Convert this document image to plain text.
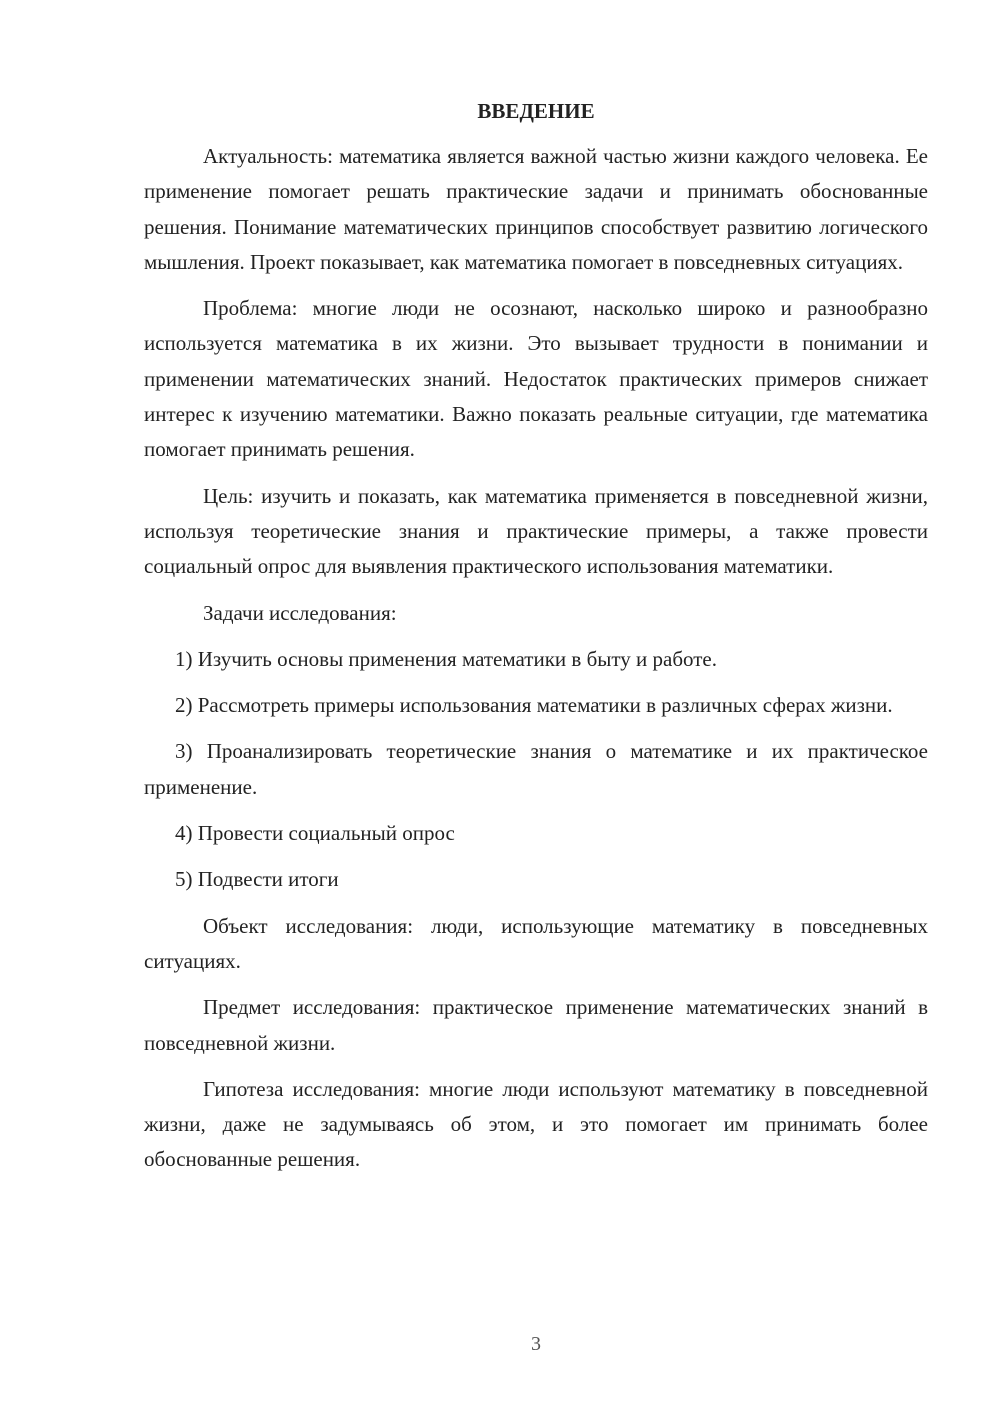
ВВЕДЕНИЕ

Актуальность: математика является важной частью жизни каждого человека. Ее применение помогает решать практические задачи и принимать обоснованные решения. Понимание математических принципов способствует развитию логического мышления. Проект показывает, как математика помогает в повседневных ситуациях.

Проблема: многие люди не осознают, насколько широко и разнообразно используется математика в их жизни. Это вызывает трудности в понимании и применении математических знаний. Недостаток практических примеров снижает интерес к изучению математики. Важно показать реальные ситуации, где математика помогает принимать решения.

Цель: изучить и показать, как математика применяется в повседневной жизни, используя теоретические знания и практические примеры, а также провести социальный опрос для выявления практического использования математики.

Задачи исследования:

1) Изучить основы применения математики в быту и работе.

2) Рассмотреть примеры использования математики в различных сферах жизни.

3) Проанализировать теоретические знания о математике и их практическое применение.

4) Провести социальный опрос

5) Подвести итоги

Объект исследования: люди, использующие математику в повседневных ситуациях.

Предмет исследования: практическое применение математических знаний в повседневной жизни.

Гипотеза исследования: многие люди используют математику в повседневной жизни, даже не задумываясь об этом, и это помогает им принимать более обоснованные решения.

3
